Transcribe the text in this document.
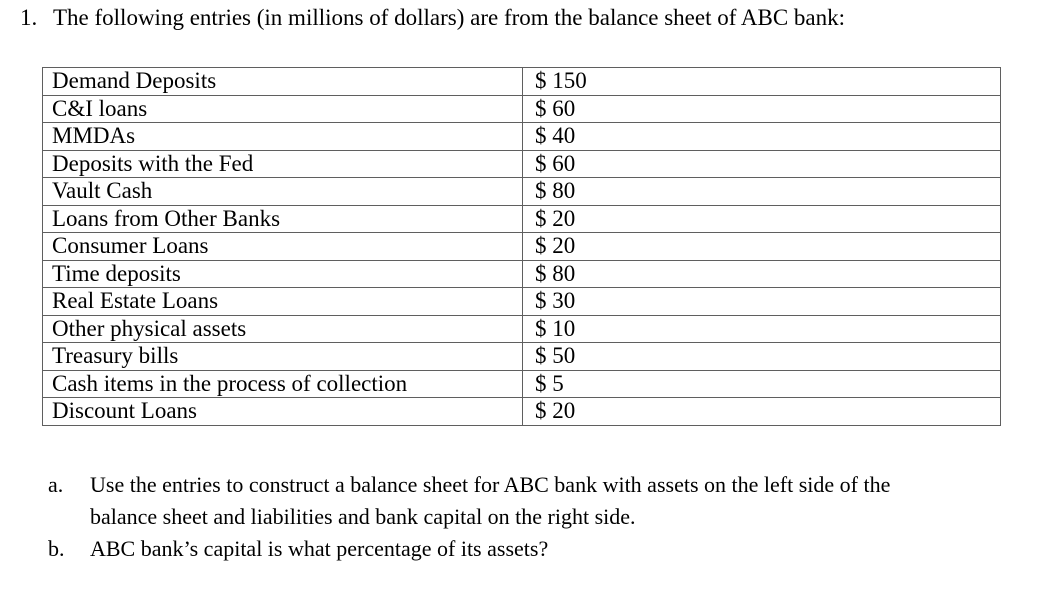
1. The following entries (in millions of dollars) are from the balance sheet of ABC bank:
Demand Deposits	$ 150
C&I loans	$ 60
MMDAs	$ 40
Deposits with the Fed	$ 60
Vault Cash	$ 80
Loans from Other Banks	$ 20
Consumer Loans	$ 20
Time deposits	$ 80
Real Estate Loans	$ 30
Other physical assets	$ 10
Treasury bills	$ 50
Cash items in the process of collection	$ 5
Discount Loans	$ 20
a. Use the entries to construct a balance sheet for ABC bank with assets on the left side of the
balance sheet and liabilities and bank capital on the right side.
b. ABC bank’s capital is what percentage of its assets?
